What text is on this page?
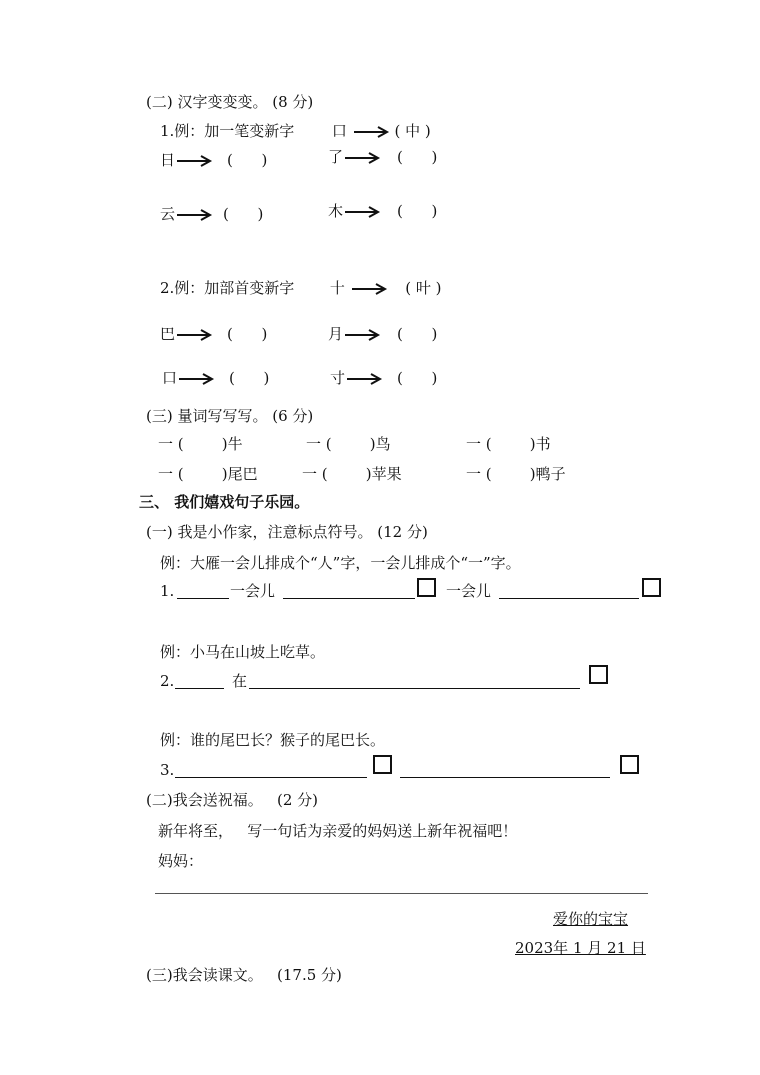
(二) 汉字变变变。 (8 分)
1.例：加一笔变新字	口	( 中 )
日	(      )	了	(      )
云	(      )	木	(      )
2.例：加部首变新字 十	( 叶 )
巴	(      )	月	(      )
口	(      )	寸	(      )
(三) 量词写写写。 (6 分)
一 (        )牛	一 (        )鸟	一 (        )书
一 (        )尾巴	一 (        )苹果	一 (        )鸭子
三、 我们嬉戏句子乐园。
(一) 我是小作家，注意标点符号。 (12 分)
例：大雁一会儿排成个“人”字，一会儿排成个“一”字。
1.	一会儿	一会儿
例：小马在山坡上吃草。
2.	在
例：谁的尾巴长？猴子的尾巴长。
3.
(二)我会送祝福。   (2 分)
新年将至，   写一句话为亲爱的妈妈送上新年祝福吧！
妈妈：
爱你的宝宝
2023年 1 月 21 日
(三)我会读课文。   (17.5 分)
